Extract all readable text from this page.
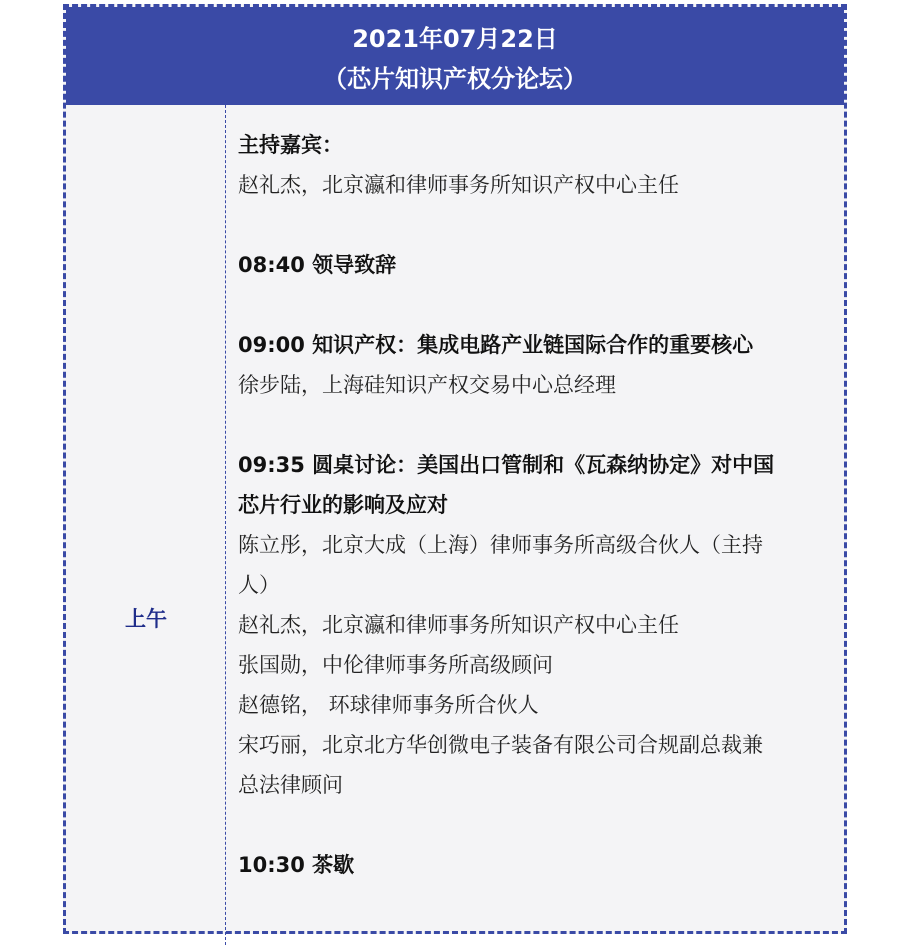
2021年07月22日
（芯片知识产权分论坛）
上午
主持嘉宾：
赵礼杰，北京瀛和律师事务所知识产权中心主任
08:40 领导致辞
09:00 知识产权：集成电路产业链国际合作的重要核心
徐步陆，上海硅知识产权交易中心总经理
09:35 圆桌讨论：美国出口管制和《瓦森纳协定》对中国
芯片行业的影响及应对
陈立彤，北京大成（上海）律师事务所高级合伙人（主持
人）
赵礼杰，北京瀛和律师事务所知识产权中心主任
张国勋，中伦律师事务所高级顾问
赵德铭， 环球律师事务所合伙人
宋巧丽，北京北方华创微电子装备有限公司合规副总裁兼
总法律顾问
10:30 茶歇
